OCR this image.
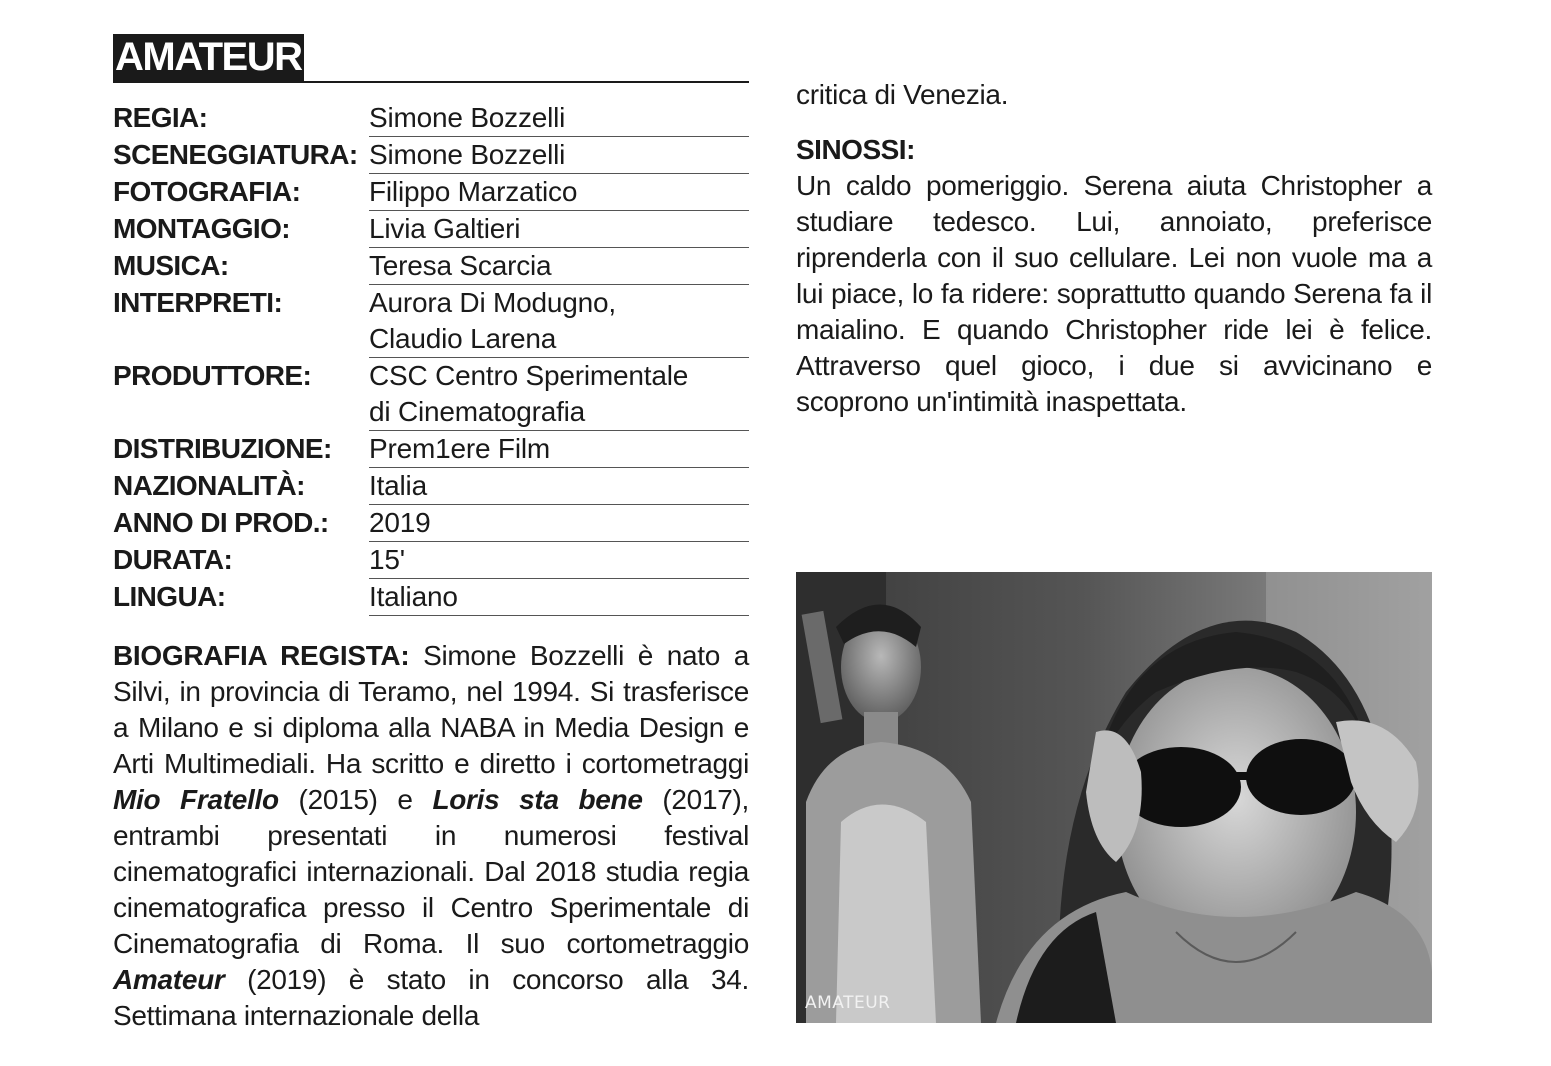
AMATEUR
REGIA:	Simone Bozzelli
SCENEGGIATURA: Simone Bozzelli
FOTOGRAFIA:	Filippo Marzatico
MONTAGGIO:	Livia Galtieri
MUSICA:	Teresa Scarcia
INTERPRETI:	Aurora Di Modugno,
Claudio Larena
PRODUTTORE:	CSC Centro Sperimentale
di Cinematografia
DISTRIBUZIONE:	Prem1ere Film
NAZIONALITÀ:	Italia
ANNO DI PROD.:	2019
DURATA:	15'
LINGUA:	Italiano
BIOGRAFIA REGISTA: Simone Bozzelli è nato a Silvi, in provincia di Teramo, nel 1994. Si trasferisce a Milano e si diploma alla NABA in Media Design e Arti Multimediali. Ha scritto e diretto i cortometraggi Mio Fratello (2015) e Loris sta bene (2017), entrambi presentati in numerosi festival cinematografici internazionali. Dal 2018 studia regia cinematografica presso il Centro Sperimentale di Cinematografia di Roma. Il suo cortometraggio Amateur (2019) è stato in concorso alla 34. Settimana internazionale della
critica di Venezia.
SINOSSI:
Un caldo pomeriggio. Serena aiuta Christopher a studiare tedesco. Lui, annoiato, preferisce riprenderla con il suo cellulare. Lei non vuole ma a lui piace, lo fa ridere: soprattutto quando Serena fa il maialino. E quando Christopher ride lei è felice. Attraverso quel gioco, i due si avvicinano e scoprono un'intimità inaspettata.
AMATEUR
